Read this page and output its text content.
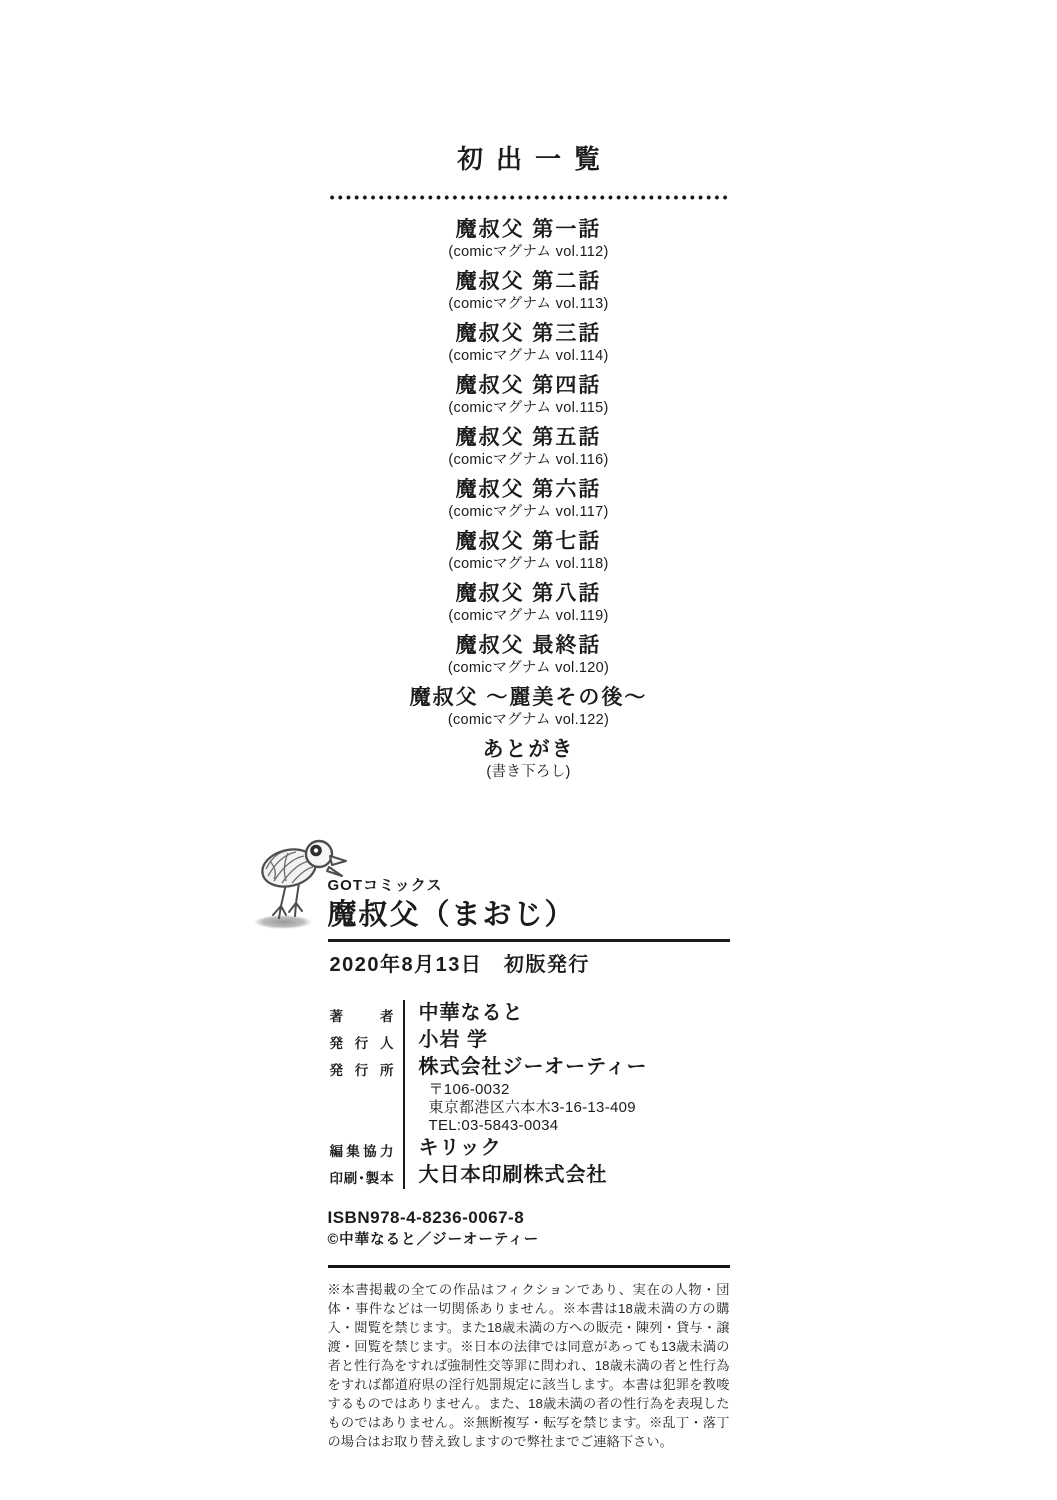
初出一覧
魔叔父 第一話
(comicマグナム vol.112)
魔叔父 第二話
(comicマグナム vol.113)
魔叔父 第三話
(comicマグナム vol.114)
魔叔父 第四話
(comicマグナム vol.115)
魔叔父 第五話
(comicマグナム vol.116)
魔叔父 第六話
(comicマグナム vol.117)
魔叔父 第七話
(comicマグナム vol.118)
魔叔父 第八話
(comicマグナム vol.119)
魔叔父 最終話
(comicマグナム vol.120)
魔叔父 ～麗美その後～
(comicマグナム vol.122)
あとがき
(書き下ろし)
GOTコミックス
魔叔父（まおじ）
2020年8月13日　初版発行
著者	中華なると
発行人	小岩 学
発行所	株式会社ジーオーティー
	〒106-0032
	東京都港区六本木3-16-13-409
	TEL:03-5843-0034
編集協力	キリック
印刷･製本	大日本印刷株式会社
ISBN978-4-8236-0067-8
©中華なると／ジーオーティー

※本書掲載の全ての作品はフィクションであり、実在の人物・団体・事件などは一切関係ありません。※本書は18歳未満の方の購入・閲覧を禁じます。また18歳未満の方への販売・陳列・貸与・譲渡・回覧を禁じます。※日本の法律では同意があっても13歳未満の者と性行為をすれば強制性交等罪に問われ、18歳未満の者と性行為をすれば都道府県の淫行処罰規定に該当します。本書は犯罪を教唆するものではありません。また、18歳未満の者の性行為を表現したものではありません。※無断複写・転写を禁じます。※乱丁・落丁の場合はお取り替え致しますので弊社までご連絡下さい。
